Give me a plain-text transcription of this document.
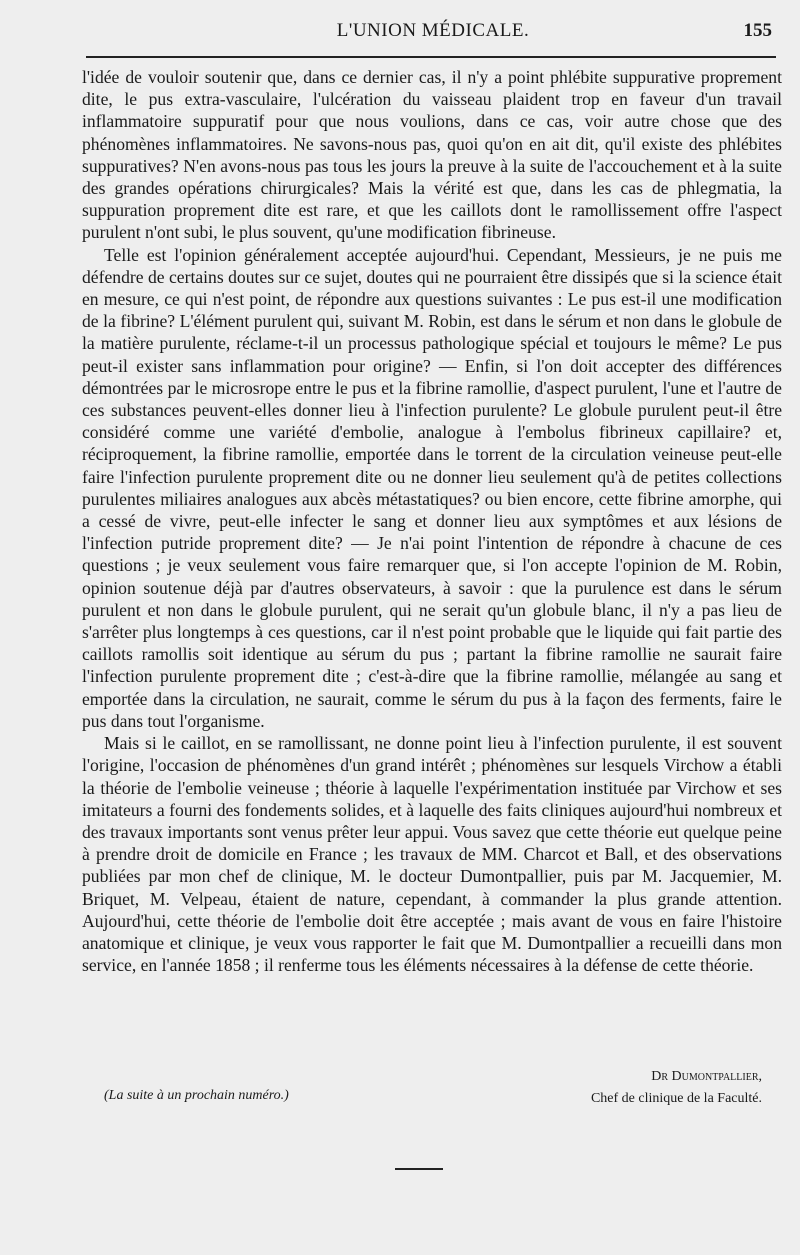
L'UNION MÉDICALE.	155

l'idée de vouloir soutenir que, dans ce dernier cas, il n'y a point phlébite suppurative proprement dite, le pus extra-vasculaire, l'ulcération du vaisseau plaident trop en faveur d'un travail inflammatoire suppuratif pour que nous voulions, dans ce cas, voir autre chose que des phénomènes inflammatoires. Ne savons-nous pas, quoi qu'on en ait dit, qu'il existe des phlébites suppuratives? N'en avons-nous pas tous les jours la preuve à la suite de l'accouchement et à la suite des grandes opérations chirurgicales? Mais la vérité est que, dans les cas de phlegmatia, la suppuration proprement dite est rare, et que les caillots dont le ramollissement offre l'aspect purulent n'ont subi, le plus souvent, qu'une modification fibrineuse.

Telle est l'opinion généralement acceptée aujourd'hui. Cependant, Messieurs, je ne puis me défendre de certains doutes sur ce sujet, doutes qui ne pourraient être dissipés que si la science était en mesure, ce qui n'est point, de répondre aux questions suivantes : Le pus est-il une modification de la fibrine? L'élément purulent qui, suivant M. Robin, est dans le sérum et non dans le globule de la matière purulente, réclame-t-il un processus pathologique spécial et toujours le même? Le pus peut-il exister sans inflammation pour origine? — Enfin, si l'on doit accepter des différences démontrées par le microsrope entre le pus et la fibrine ramollie, d'aspect purulent, l'une et l'autre de ces substances peuvent-elles donner lieu à l'infection purulente? Le globule purulent peut-il être considéré comme une variété d'embolie, analogue à l'embolus fibrineux capillaire? et, réciproquement, la fibrine ramollie, emportée dans le torrent de la circulation veineuse peut-elle faire l'infection purulente proprement dite ou ne donner lieu seulement qu'à de petites collections purulentes miliaires analogues aux abcès métastatiques? ou bien encore, cette fibrine amorphe, qui a cessé de vivre, peut-elle infecter le sang et donner lieu aux symptômes et aux lésions de l'infection putride proprement dite? — Je n'ai point l'intention de répondre à chacune de ces questions ; je veux seulement vous faire remarquer que, si l'on accepte l'opinion de M. Robin, opinion soutenue déjà par d'autres observateurs, à savoir : que la purulence est dans le sérum purulent et non dans le globule purulent, qui ne serait qu'un globule blanc, il n'y a pas lieu de s'arrêter plus longtemps à ces questions, car il n'est point probable que le liquide qui fait partie des caillots ramollis soit identique au sérum du pus ; partant la fibrine ramollie ne saurait faire l'infection purulente proprement dite ; c'est-à-dire que la fibrine ramollie, mélangée au sang et emportée dans la circulation, ne saurait, comme le sérum du pus à la façon des ferments, faire le pus dans tout l'organisme.

Mais si le caillot, en se ramollissant, ne donne point lieu à l'infection purulente, il est souvent l'origine, l'occasion de phénomènes d'un grand intérêt ; phénomènes sur lesquels Virchow a établi la théorie de l'embolie veineuse ; théorie à laquelle l'expérimentation instituée par Virchow et ses imitateurs a fourni des fondements solides, et à laquelle des faits cliniques aujourd'hui nombreux et des travaux importants sont venus prêter leur appui. Vous savez que cette théorie eut quelque peine à prendre droit de domicile en France ; les travaux de MM. Charcot et Ball, et des observations publiées par mon chef de clinique, M. le docteur Dumontpallier, puis par M. Jacquemier, M. Briquet, M. Velpeau, étaient de nature, cependant, à commander la plus grande attention. Aujourd'hui, cette théorie de l'embolie doit être acceptée ; mais avant de vous en faire l'histoire anatomique et clinique, je veux vous rapporter le fait que M. Dumontpallier a recueilli dans mon service, en l'année 1858 ; il renferme tous les éléments nécessaires à la défense de cette théorie.

Dr Dumontpallier,
(La suite à un prochain numéro.)	Chef de clinique de la Faculté.
